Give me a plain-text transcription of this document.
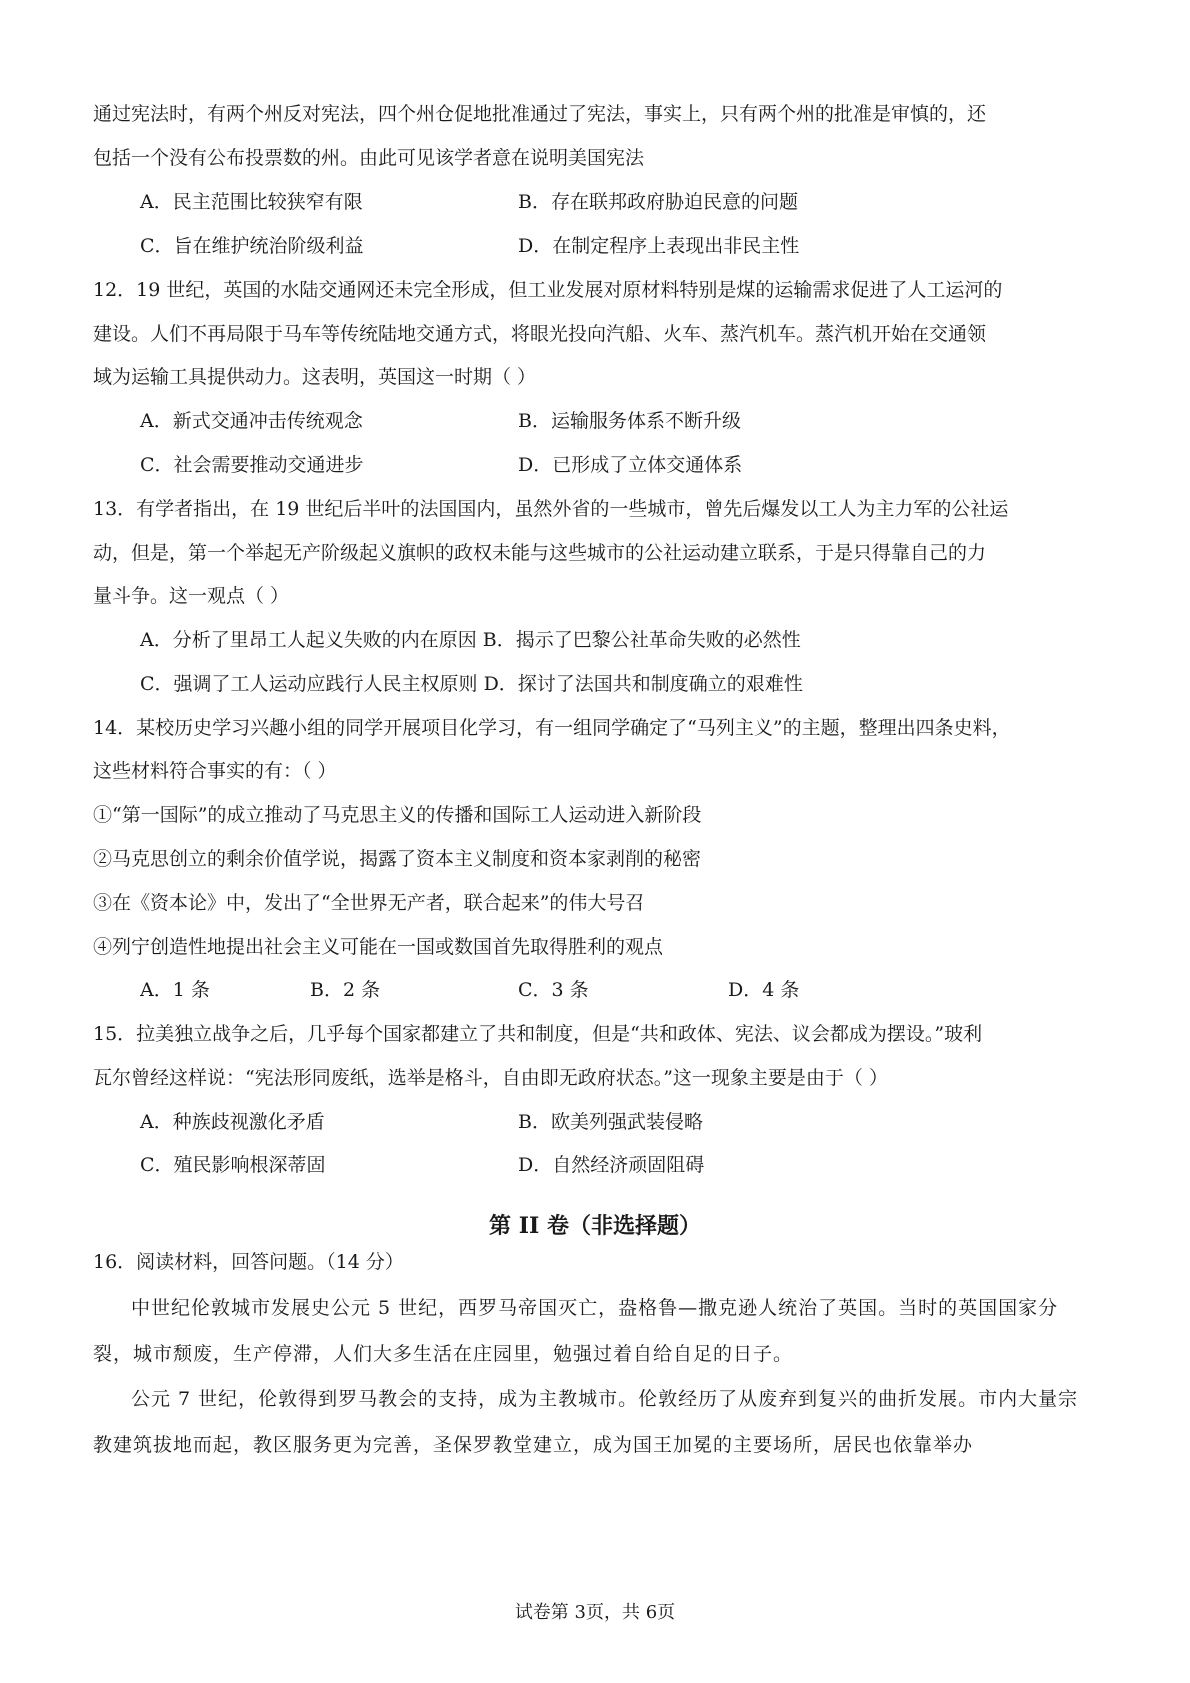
通过宪法时，有两个州反对宪法，四个州仓促地批准通过了宪法，事实上，只有两个州的批准是审慎的，还
包括一个没有公布投票数的州。由此可见该学者意在说明美国宪法
A．民主范围比较狭窄有限	B．存在联邦政府胁迫民意的问题
C．旨在维护统治阶级利益	D．在制定程序上表现出非民主性
12．19 世纪，英国的水陆交通网还未完全形成，但工业发展对原材料特别是煤的运输需求促进了人工运河的
建设。人们不再局限于马车等传统陆地交通方式，将眼光投向汽船、火车、蒸汽机车。蒸汽机开始在交通领
域为运输工具提供动力。这表明，英国这一时期（ ）
A．新式交通冲击传统观念	B．运输服务体系不断升级
C．社会需要推动交通进步	D．已形成了立体交通体系
13．有学者指出，在 19 世纪后半叶的法国国内，虽然外省的一些城市，曾先后爆发以工人为主力军的公社运
动，但是，第一个举起无产阶级起义旗帜的政权未能与这些城市的公社运动建立联系，于是只得靠自己的力
量斗争。这一观点（ ）
A．分析了里昂工人起义失败的内在原因 B．揭示了巴黎公社革命失败的必然性
C．强调了工人运动应践行人民主权原则 D．探讨了法国共和制度确立的艰难性
14．某校历史学习兴趣小组的同学开展项目化学习，有一组同学确定了“马列主义”的主题，整理出四条史料，
这些材料符合事实的有：（ ）
①“第一国际”的成立推动了马克思主义的传播和国际工人运动进入新阶段
②马克思创立的剩余价值学说，揭露了资本主义制度和资本家剥削的秘密
③在《资本论》中，发出了“全世界无产者，联合起来”的伟大号召
④列宁创造性地提出社会主义可能在一国或数国首先取得胜利的观点
A．1 条	B．2 条	C．3 条	D．4 条
15．拉美独立战争之后，几乎每个国家都建立了共和制度，但是“共和政体、宪法、议会都成为摆设。”玻利
瓦尔曾经这样说：“宪法形同废纸，选举是格斗，自由即无政府状态。”这一现象主要是由于（ ）
A．种族歧视激化矛盾	B．欧美列强武装侵略
C．殖民影响根深蒂固	D．自然经济顽固阻碍
第 II 卷（非选择题）
16．阅读材料，回答问题。（14 分）
中世纪伦敦城市发展史公元 5 世纪，西罗马帝国灭亡，盎格鲁—撒克逊人统治了英国。当时的英国国家分裂，城市颓废，生产停滞，人们大多生活在庄园里，勉强过着自给自足的日子。
公元 7 世纪，伦敦得到罗马教会的支持，成为主教城市。伦敦经历了从废弃到复兴的曲折发展。市内大量宗教建筑拔地而起，教区服务更为完善，圣保罗教堂建立，成为国王加冕的主要场所，居民也依靠举办
试卷第 3页，共 6页
